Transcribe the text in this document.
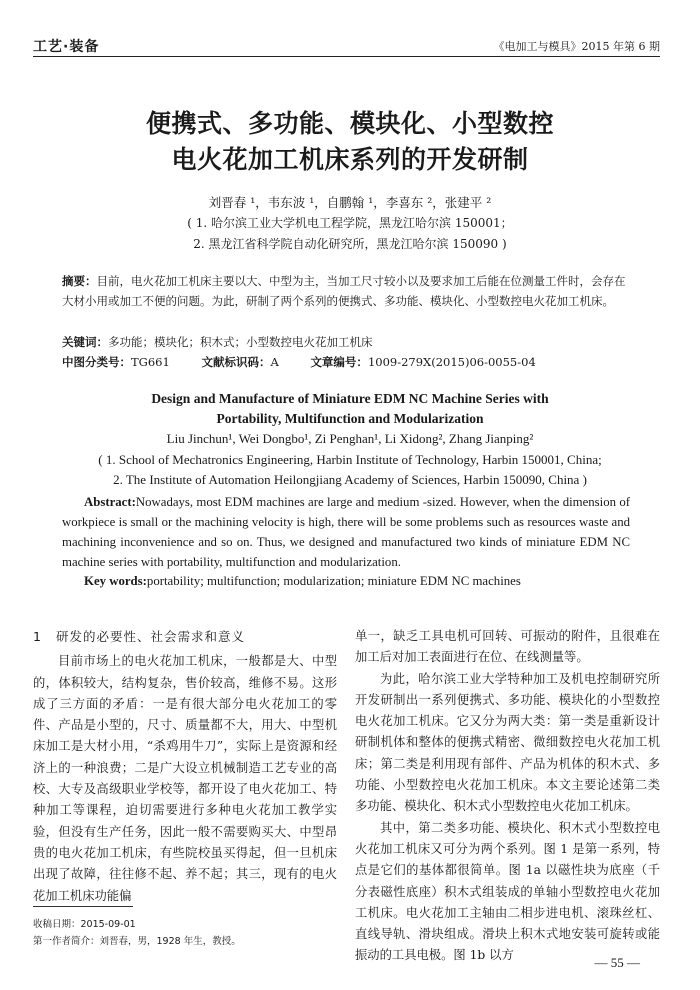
工艺·装备	《电加工与模具》2015 年第 6 期
便携式、多功能、模块化、小型数控
电火花加工机床系列的开发研制
刘晋春 ¹，韦东波 ¹，自鹏翰 ¹，李喜东 ²，张建平 ²
( 1. 哈尔滨工业大学机电工程学院，黑龙江哈尔滨 150001；
2. 黑龙江省科学院自动化研究所，黑龙江哈尔滨 150090 )
摘要：目前，电火花加工机床主要以大、中型为主，当加工尺寸较小以及要求加工后能在位测量工件时，会存在大材小用或加工不便的问题。为此，研制了两个系列的便携式、多功能、模块化、小型数控电火花加工机床。
关键词：多功能；模块化；积木式；小型数控电火花加工机床
中图分类号：TG661	文献标识码：A	文章编号：1009-279X(2015)06-0055-04
Design and Manufacture of Miniature EDM NC Machine Series with
Portability, Multifunction and Modularization
Liu Jinchun¹, Wei Dongbo¹, Zi Penghan¹, Li Xidong², Zhang Jianping²
( 1. School of Mechatronics Engineering, Harbin Institute of Technology, Harbin 150001, China;
2. The Institute of Automation Heilongjiang Academy of Sciences, Harbin 150090, China )
Abstract:Nowadays, most EDM machines are large and medium -sized. However, when the dimension of workpiece is small or the machining velocity is high, there will be some problems such as resources waste and machining inconvenience and so on. Thus, we designed and manufactured two kinds of miniature EDM NC machine series with portability, multifunction and modularization.
Key words:portability; multifunction; modularization; miniature EDM NC machines
1 研发的必要性、社会需求和意义

目前市场上的电火花加工机床，一般都是大、中型的，体积较大，结构复杂，售价较高，维修不易。这形成了三方面的矛盾：一是有很大部分电火花加工的零件、产品是小型的，尺寸、质量都不大，用大、中型机床加工是大材小用，“杀鸡用牛刀”，实际上是资源和经济上的一种浪费；二是广大设立机械制造工艺专业的高校、大专及高级职业学校等，都开设了电火花加工、特种加工等课程，迫切需要进行多种电火花加工教学实验，但没有生产任务，因此一般不需要购买大、中型昂贵的电火花加工机床，有些院校虽买得起，但一旦机床出现了故障，往往修不起、养不起；其三，现有的电火花加工机床功能偏

单一，缺乏工具电机可回转、可振动的附件，且很难在加工后对加工表面进行在位、在线测量等。

为此，哈尔滨工业大学特种加工及机电控制研究所开发研制出一系列便携式、多功能、模块化的小型数控电火花加工机床。它又分为两大类：第一类是重新设计研制机体和整体的便携式精密、微细数控电火花加工机床；第二类是利用现有部件、产品为机体的积木式、多功能、小型数控电火花加工机床。本文主要论述第二类多功能、模块化、积木式小型数控电火花加工机床。

其中，第二类多功能、模块化、积木式小型数控电火花加工机床又可分为两个系列。图 1 是第一系列，特点是它们的基体都很简单。图 1a 以磁性块为底座（千分表磁性底座）积木式组装成的单轴小型数控电火花加工机床。电火花加工主轴由二相步进电机、滚珠丝杠、直线导轨、滑块组成。滑块上积木式地安装可旋转或能振动的工具电极。图 1b 以方

收稿日期：2015-09-01
第一作者简介：刘晋春，男，1928 年生，教授。
— 55 —
